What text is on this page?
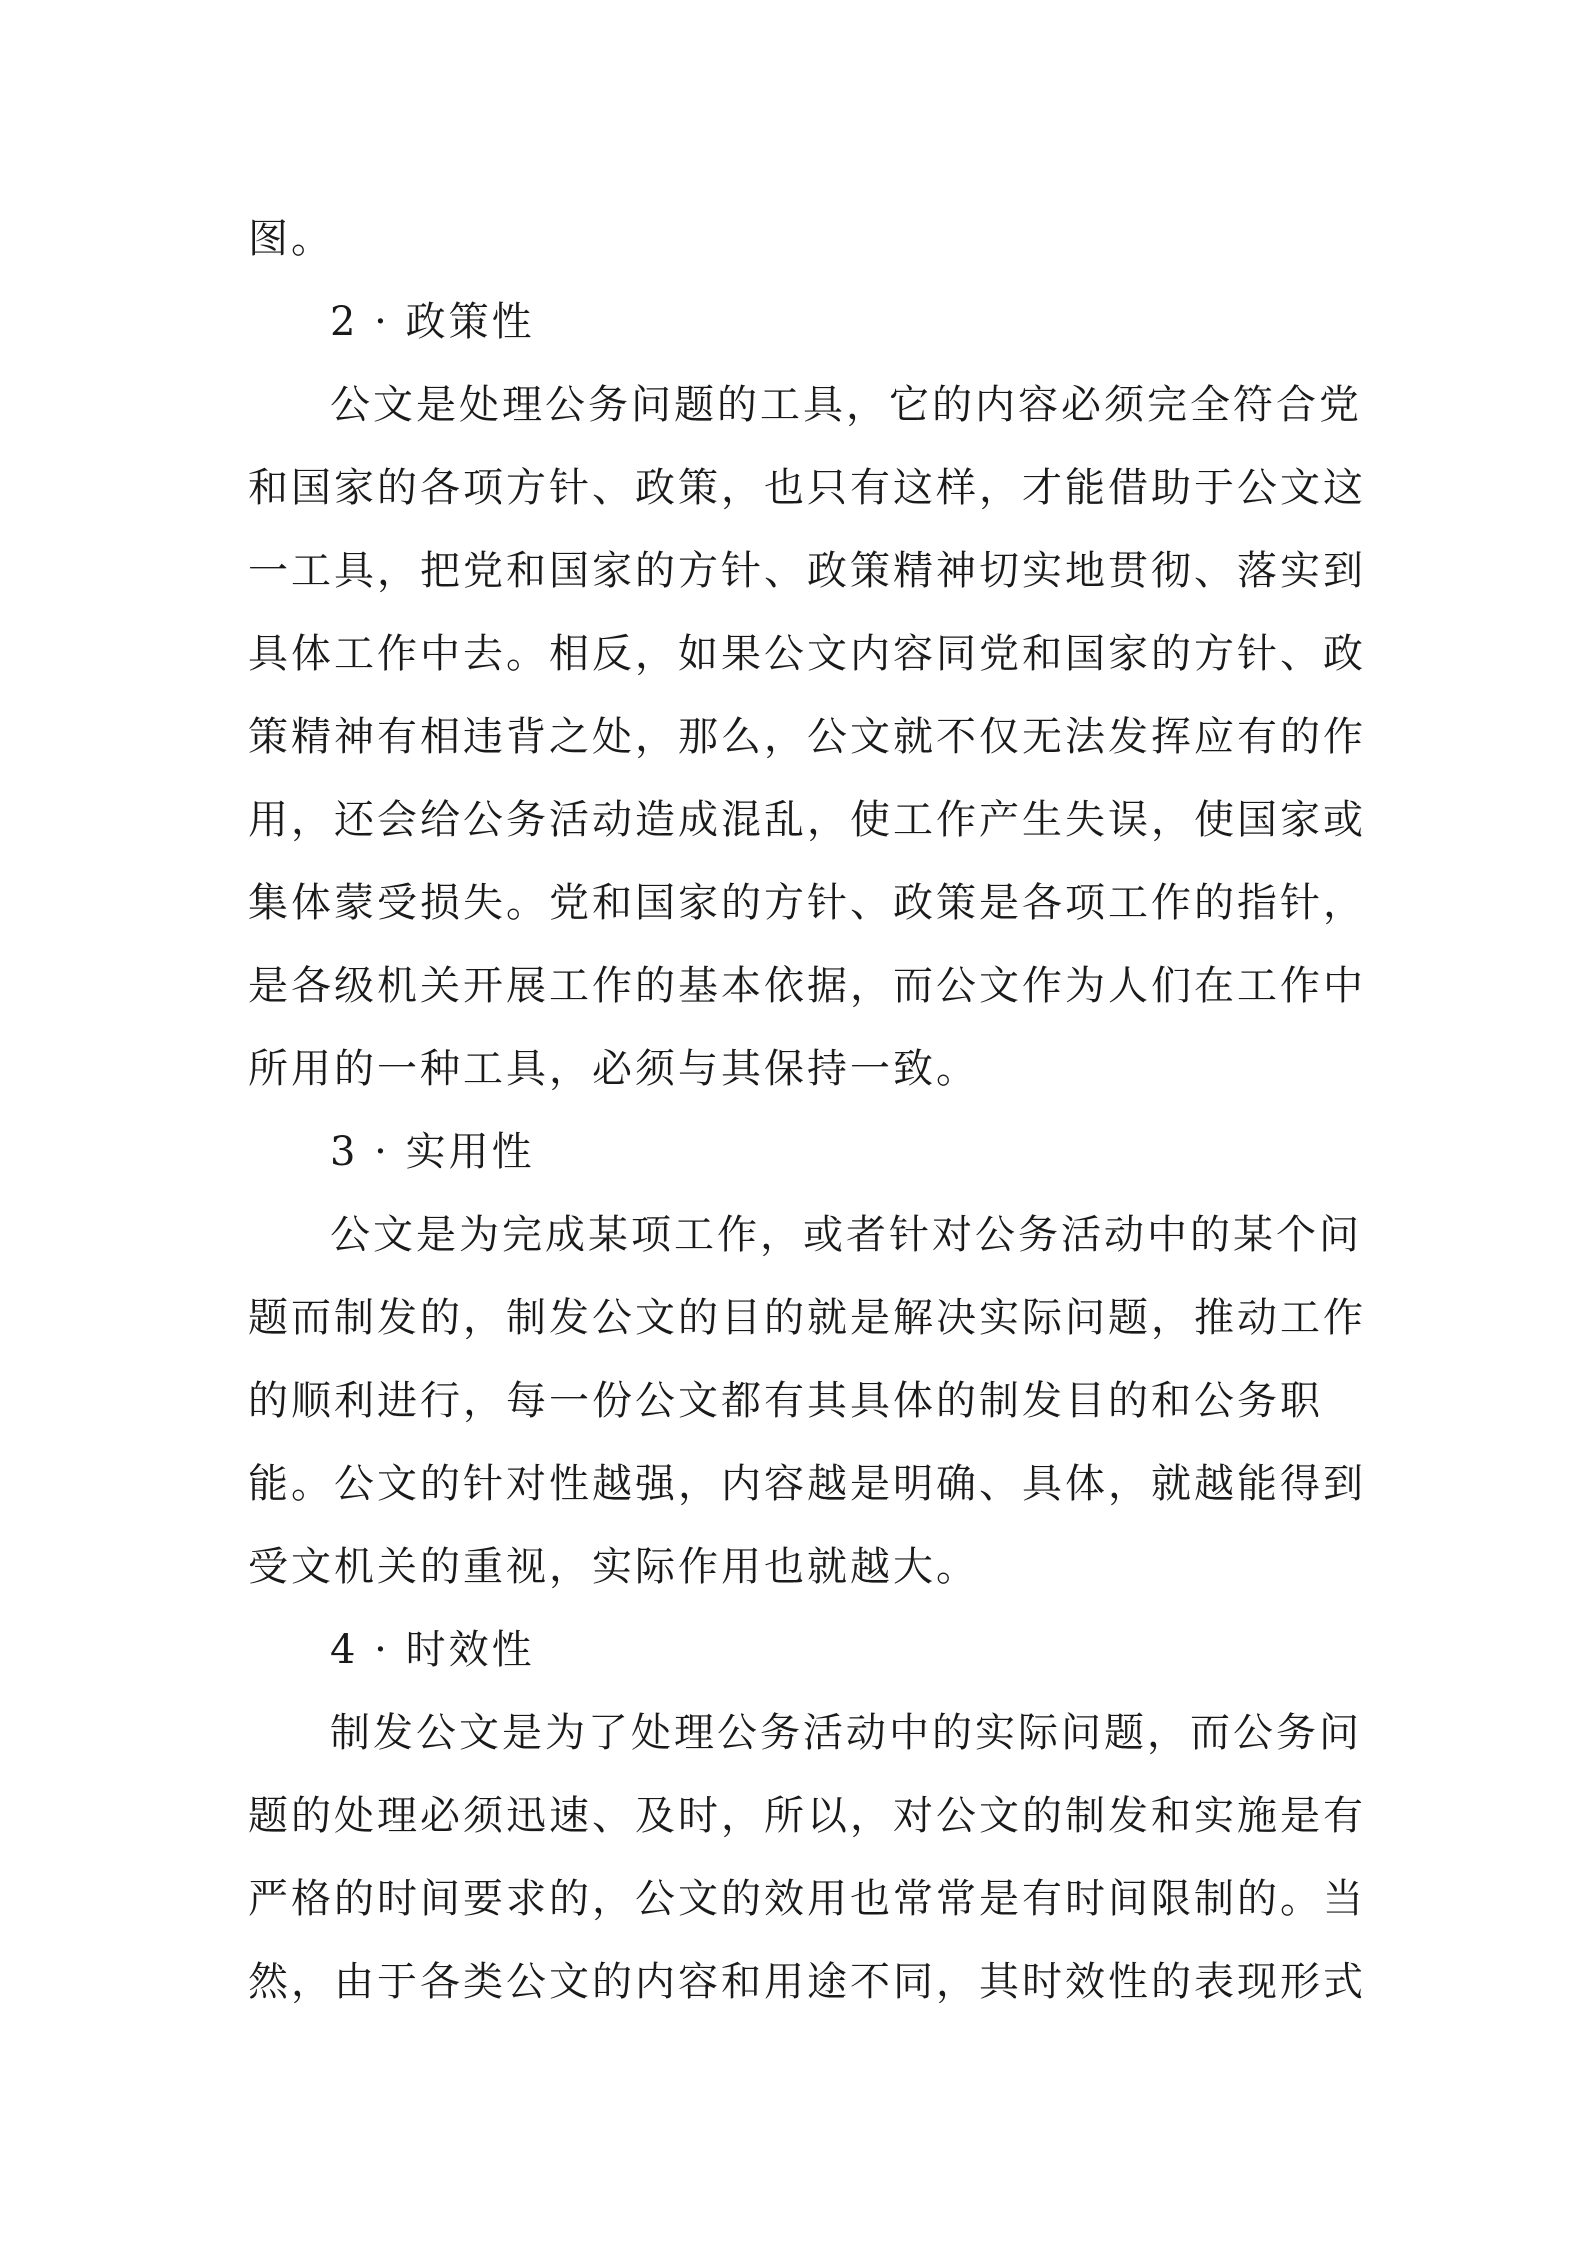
图。
2 · 政策性
公文是处理公务问题的工具，它的内容必须完全符合党
和国家的各项方针、政策，也只有这样，才能借助于公文这
一工具，把党和国家的方针、政策精神切实地贯彻、落实到
具体工作中去。相反，如果公文内容同党和国家的方针、政
策精神有相违背之处，那么，公文就不仅无法发挥应有的作
用，还会给公务活动造成混乱，使工作产生失误，使国家或
集体蒙受损失。党和国家的方针、政策是各项工作的指针，
是各级机关开展工作的基本依据，而公文作为人们在工作中
所用的一种工具，必须与其保持一致。
3 · 实用性
公文是为完成某项工作，或者针对公务活动中的某个问
题而制发的，制发公文的目的就是解决实际问题，推动工作
的顺利进行，每一份公文都有其具体的制发目的和公务职
能。公文的针对性越强，内容越是明确、具体，就越能得到
受文机关的重视，实际作用也就越大。
4 · 时效性
制发公文是为了处理公务活动中的实际问题，而公务问
题的处理必须迅速、及时，所以，对公文的制发和实施是有
严格的时间要求的，公文的效用也常常是有时间限制的。当
然，由于各类公文的内容和用途不同，其时效性的表现形式
